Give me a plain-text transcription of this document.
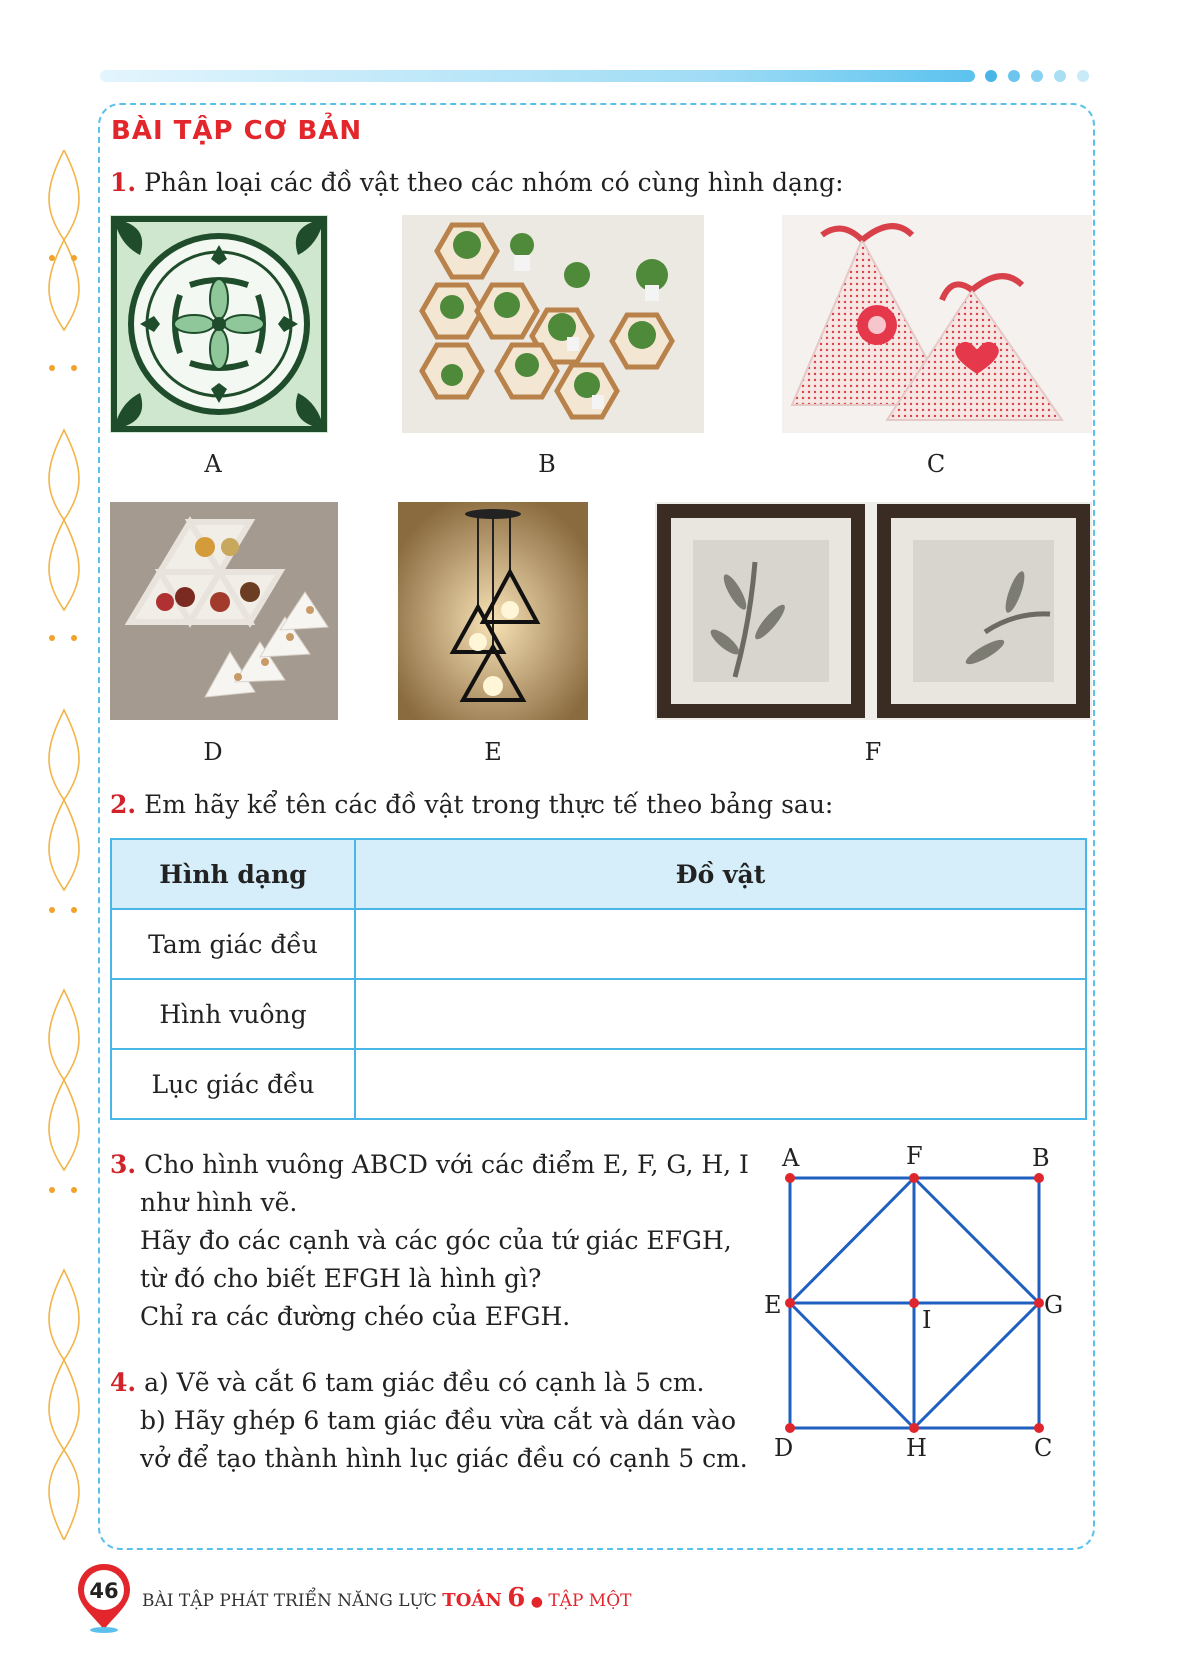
BÀI TẬP CƠ BẢN
1. Phân loại các đồ vật theo các nhóm có cùng hình dạng:
A	B	C
D	E	F
2. Em hãy kể tên các đồ vật trong thực tế theo bảng sau:
Hình dạng	Đồ vật
Tam giác đều	
Hình vuông	
Lục giác đều	
3. Cho hình vuông ABCD với các điểm E, F, G, H, I
như hình vẽ.
Hãy đo các cạnh và các góc của tứ giác EFGH,
từ đó cho biết EFGH là hình gì?
Chỉ ra các đường chéo của EFGH.
4. a) Vẽ và cắt 6 tam giác đều có cạnh là 5 cm.
b) Hãy ghép 6 tam giác đều vừa cắt và dán vào
vở để tạo thành hình lục giác đều có cạnh 5 cm.
A	F	B
E
I
G
D	H	C
46 BÀI TẬP PHÁT TRIỂN NĂNG LỰC TOÁN 6 ● TẬP MỘT
